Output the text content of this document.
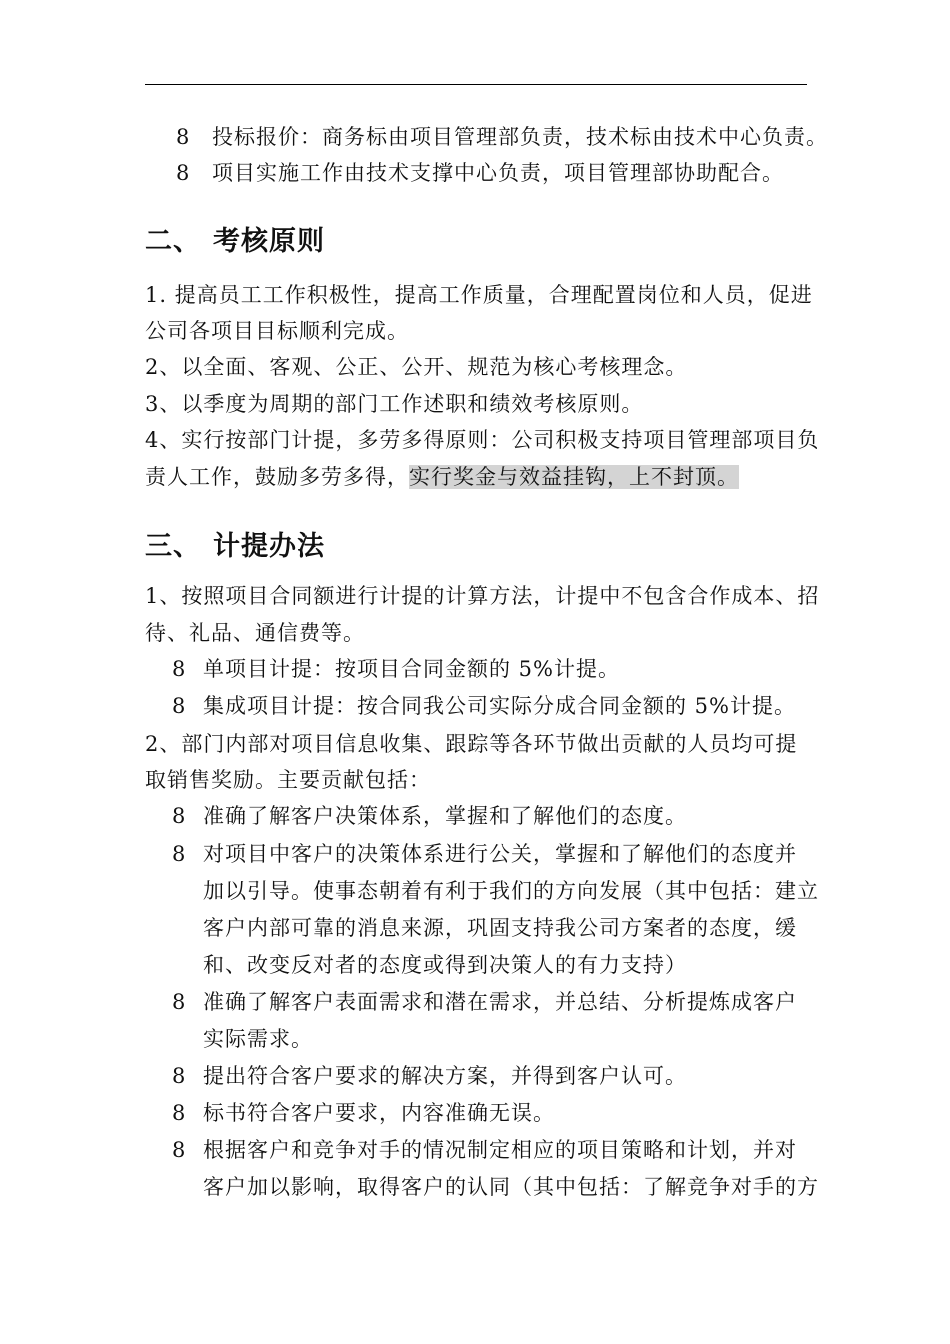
8 投标报价：商务标由项目管理部负责，技术标由技术中心负责。
8 项目实施工作由技术支撑中心负责，项目管理部协助配合。
二、 考核原则
1. 提高员工工作积极性，提高工作质量，合理配置岗位和人员，促进
公司各项目目标顺利完成。
2、以全面、客观、公正、公开、规范为核心考核理念。
3、以季度为周期的部门工作述职和绩效考核原则。
4、实行按部门计提，多劳多得原则：公司积极支持项目管理部项目负
责人工作，鼓励多劳多得，实行奖金与效益挂钩，上不封顶。
三、 计提办法
1、按照项目合同额进行计提的计算方法，计提中不包含合作成本、招
待、礼品、通信费等。
8 单项目计提：按项目合同金额的 5%计提。
8 集成项目计提：按合同我公司实际分成合同金额的 5%计提。
2、部门内部对项目信息收集、跟踪等各环节做出贡献的人员均可提
取销售奖励。主要贡献包括：
8 准确了解客户决策体系，掌握和了解他们的态度。
8 对项目中客户的决策体系进行公关，掌握和了解他们的态度并
加以引导。使事态朝着有利于我们的方向发展（其中包括：建立
客户内部可靠的消息来源，巩固支持我公司方案者的态度，缓
和、改变反对者的态度或得到决策人的有力支持）
8 准确了解客户表面需求和潜在需求，并总结、分析提炼成客户
实际需求。
8 提出符合客户要求的解决方案，并得到客户认可。
8 标书符合客户要求，内容准确无误。
8 根据客户和竞争对手的情况制定相应的项目策略和计划，并对
客户加以影响，取得客户的认同（其中包括：了解竞争对手的方
